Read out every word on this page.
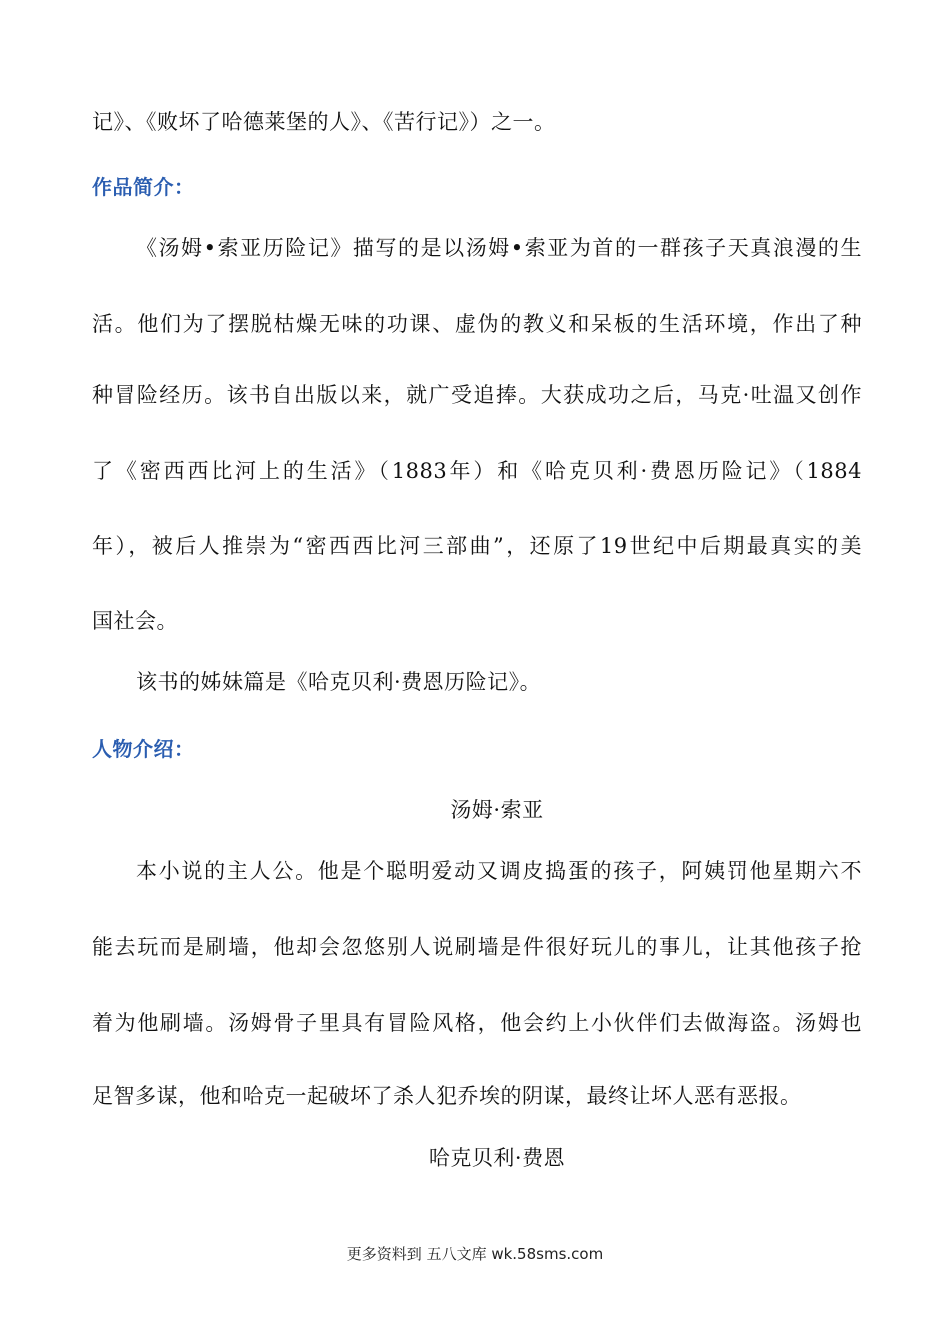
记》、《败坏了哈德莱堡的人》、《苦行记》）之一。
作品简介：
《汤姆•索亚历险记》描写的是以汤姆•索亚为首的一群孩子天真浪漫的生
活。他们为了摆脱枯燥无味的功课、虚伪的教义和呆板的生活环境，作出了种
种冒险经历。该书自出版以来，就广受追捧。大获成功之后，马克·吐温又创作
了《密西西比河上的生活》（1883年）和《哈克贝利·费恩历险记》（1884
年），被后人推崇为“密西西比河三部曲”，还原了19世纪中后期最真实的美
国社会。
该书的姊妹篇是《哈克贝利·费恩历险记》。
人物介绍：
汤姆·索亚
本小说的主人公。他是个聪明爱动又调皮捣蛋的孩子，阿姨罚他星期六不
能去玩而是刷墙，他却会忽悠别人说刷墙是件很好玩儿的事儿，让其他孩子抢
着为他刷墙。汤姆骨子里具有冒险风格，他会约上小伙伴们去做海盗。汤姆也
足智多谋，他和哈克一起破坏了杀人犯乔埃的阴谋，最终让坏人恶有恶报。
哈克贝利·费恩
更多资料到 五八文库 wk.58sms.com
